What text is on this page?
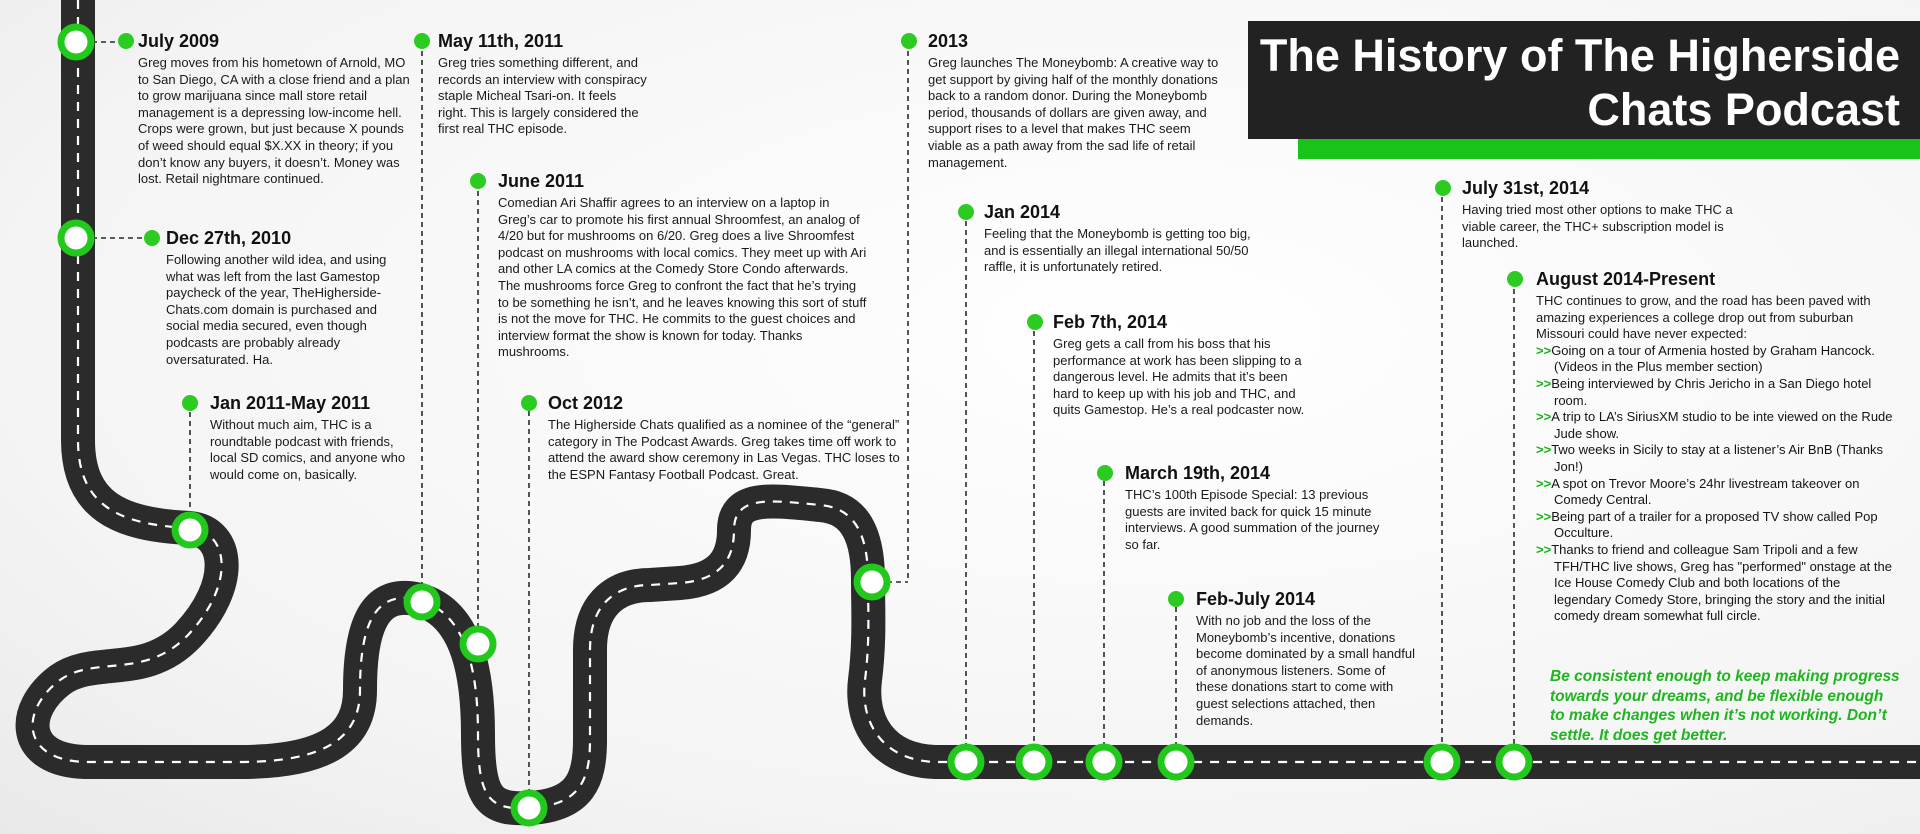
The History of The Higherside
Chats Podcast
July 2009

Greg moves from his hometown of Arnold, MO to San Diego, CA with a close friend and a plan to grow marijuana since mall store retail management is a depressing low-income hell. Crops were grown, but just because X pounds of weed should equal $X.XX in theory; if you don’t know any buyers, it doesn’t. Money was lost. Retail nightmare continued.

Dec 27th, 2010

Following another wild idea, and using what was left from the last Gamestop paycheck of the year, TheHigherside-Chats.com domain is purchased and social media secured, even though podcasts are probably already oversaturated. Ha.

Jan 2011-May 2011

Without much aim, THC is a roundtable podcast with friends, local SD comics, and anyone who would come on, basically.

May 11th, 2011

Greg tries something different, and records an interview with conspiracy staple Micheal Tsari-on. It feels right. This is largely considered the first real THC episode.

June 2011

Comedian Ari Shaffir agrees to an interview on a laptop in Greg’s car to promote his first annual Shroomfest, an analog of 4/20 but for mushrooms on 6/20. Greg does a live Shroomfest podcast on mushrooms with local comics. They meet up with Ari and other LA comics at the Comedy Store Condo afterwards. The mushrooms force Greg to confront the fact that he’s trying to be something he isn’t, and he leaves knowing this sort of stuff is not the move for THC. He commits to the guest choices and interview format the show is known for today. Thanks mushrooms.

Oct 2012

The Higherside Chats qualified as a nominee of the “general” category in The Podcast Awards. Greg takes time off work to attend the award show ceremony in Las Vegas. THC loses to the ESPN Fantasy Football Podcast. Great.

2013

Greg launches The Moneybomb: A creative way to get support by giving half of the monthly donations back to a random donor. During the Moneybomb period, thousands of dollars are given away, and support rises to a level that makes THC seem viable as a path away from the sad life of retail management.

Jan 2014

Feeling that the Moneybomb is getting too big, and is essentially an illegal international 50/50 raffle, it is unfortunately retired.

Feb 7th, 2014

Greg gets a call from his boss that his performance at work has been slipping to a dangerous level. He admits that it’s been hard to keep up with his job and THC, and quits Gamestop. He’s a real podcaster now.

March 19th, 2014

THC’s 100th Episode Special: 13 previous guests are invited back for quick 15 minute interviews. A good summation of the journey so far.

Feb-July 2014

With no job and the loss of the Moneybomb’s incentive, donations become dominated by a small handful of anonymous listeners. Some of these donations start to come with guest selections attached, then demands.

July 31st, 2014

Having tried most other options to make THC a viable career, the THC+ subscription model is launched.

August 2014-Present

THC continues to grow, and the road has been paved with amazing experiences a college drop out from suburban Missouri could have never expected:

>>Going on a tour of Armenia hosted by Graham Hancock. (Videos in the Plus member section)
>>Being interviewed by Chris Jericho in a San Diego hotel room.
>>A trip to LA’s SiriusXM studio to be inte viewed on the Rude Jude show.
>>Two weeks in Sicily to stay at a listener’s Air BnB (Thanks Jon!)
>>A spot on Trevor Moore’s 24hr livestream takeover on Comedy Central.
>>Being part of a trailer for a proposed TV show called Pop Occulture.
>>Thanks to friend and colleague Sam Tripoli and a few TFH/THC live shows, Greg has "performed" onstage at the Ice House Comedy Club and both locations of the legendary Comedy Store, bringing the story and the initial comedy dream somewhat full circle.
Be consistent enough to keep making progress towards your dreams, and be flexible enough to make changes when it’s not working. Don’t settle. It does get better.
